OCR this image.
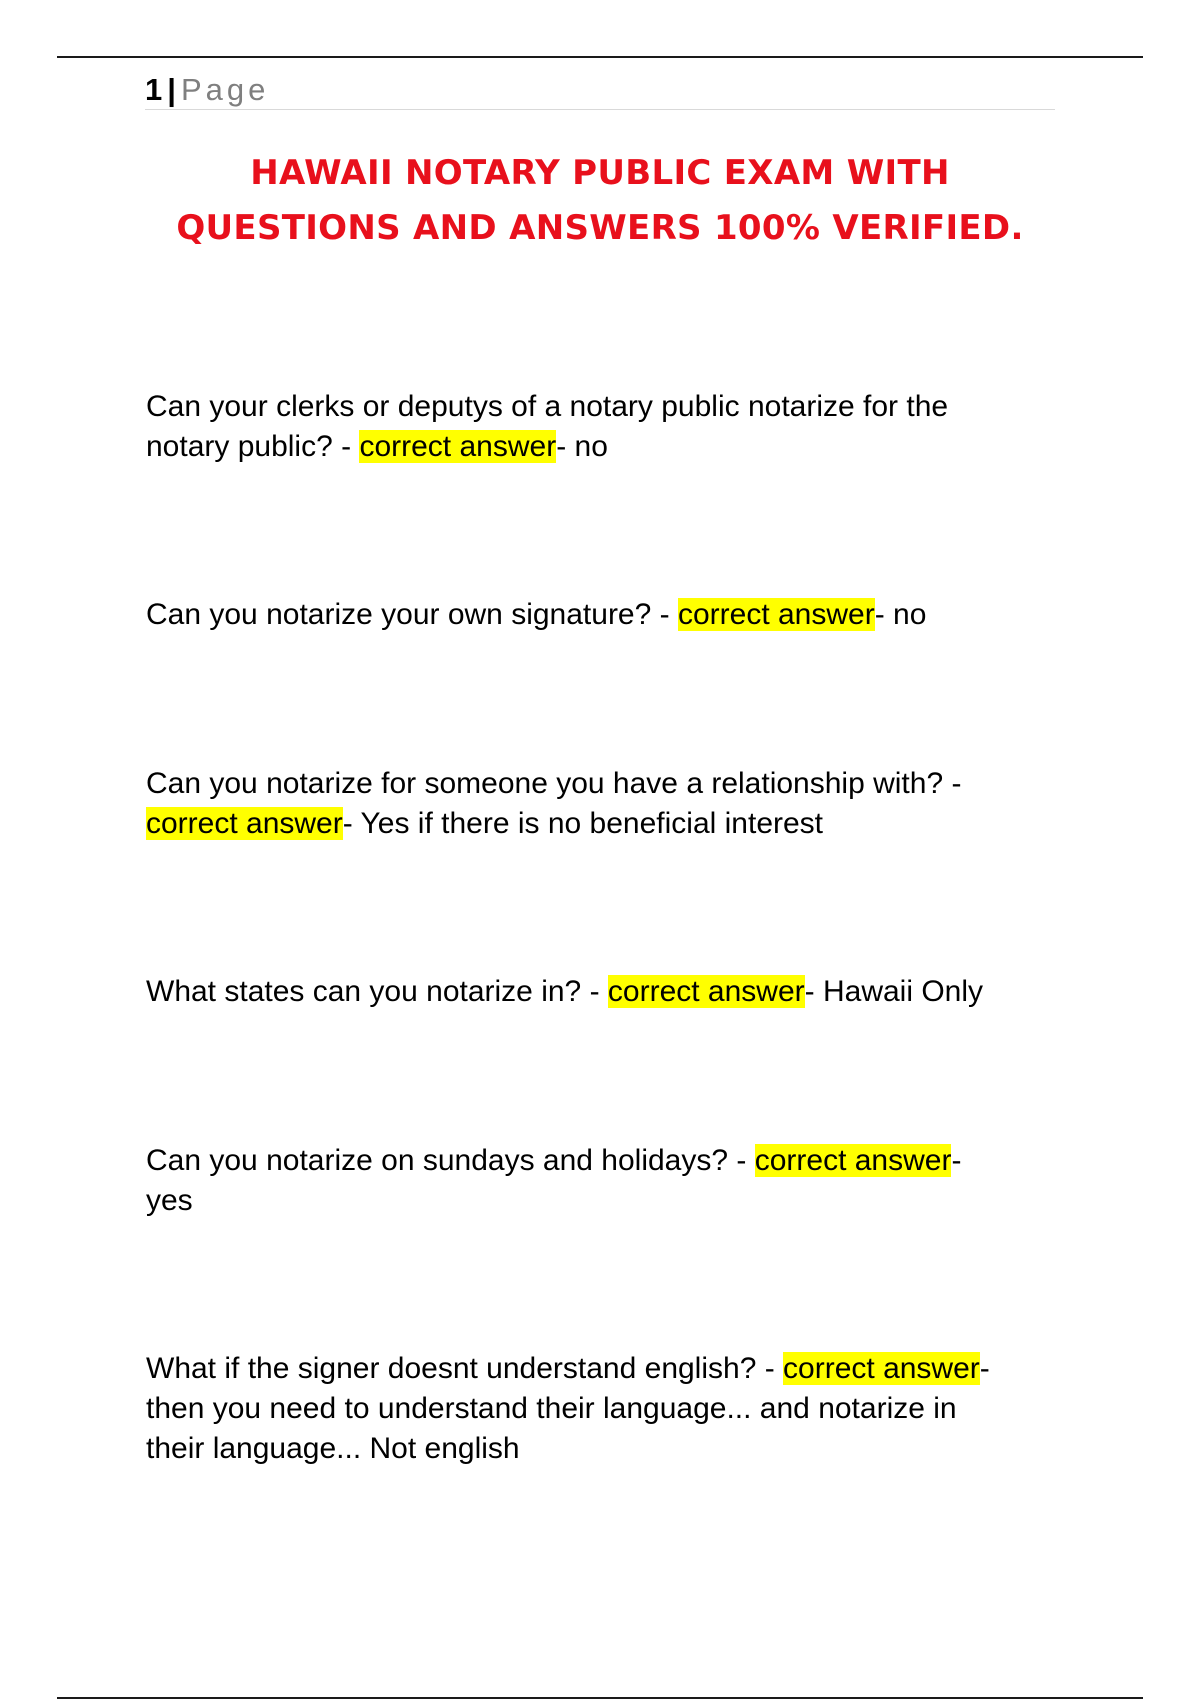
1 | Page
HAWAII NOTARY PUBLIC EXAM WITH
QUESTIONS AND ANSWERS 100% VERIFIED.

Can your clerks or deputys of a notary public notarize for the
notary public? - correct answer- no

Can you notarize your own signature? - correct answer- no

Can you notarize for someone you have a relationship with? -
correct answer- Yes if there is no beneficial interest

What states can you notarize in? - correct answer- Hawaii Only

Can you notarize on sundays and holidays? - correct answer-
yes

What if the signer doesnt understand english? - correct answer-
then you need to understand their language... and notarize in
their language... Not english
